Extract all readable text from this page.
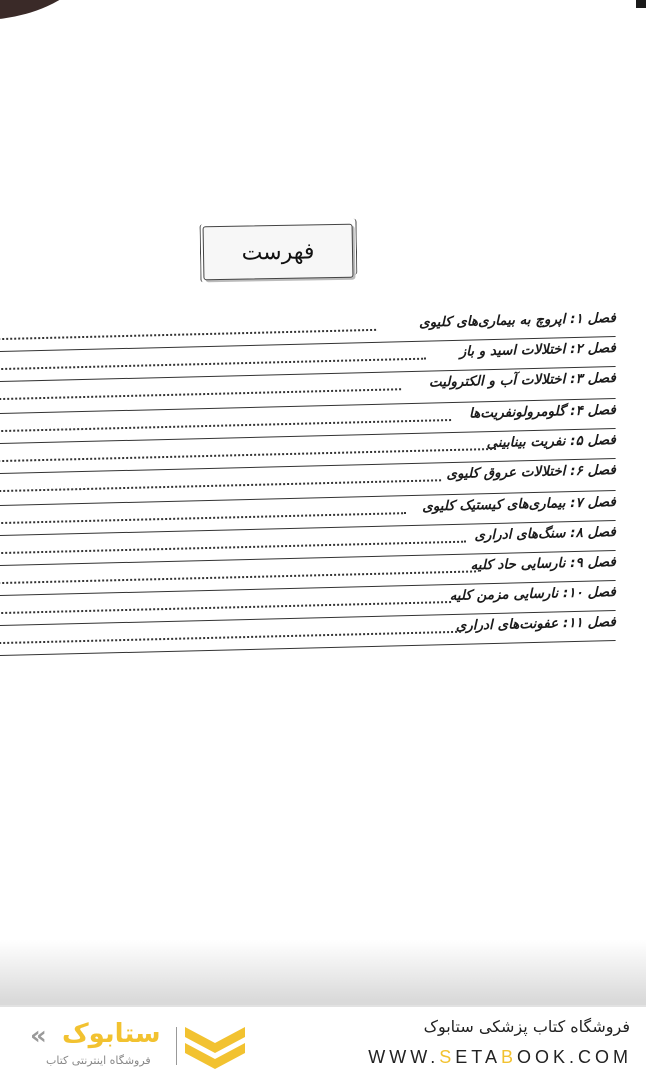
فهرست
فصل ۱: اپروچ به بیماری‌های کلیوی
فصل ۲: اختلالات اسید و باز
فصل ۳: اختلالات آب و الکترولیت
فصل ۴: گلومرولونفریت‌ها
فصل ۵: نفریت بینابینی
فصل ۶: اختلالات عروق کلیوی
فصل ۷: بیماری‌های کیستیک کلیوی
فصل ۸: سنگ‌های ادراری
فصل ۹: نارسایی حاد کلیه
فصل ۱۰: نارسایی مزمن کلیه
فصل ۱۱: عفونت‌های ادراری
فروشگاه کتاب پزشکی ستابوک
WWW.SETABOOK.COM
« ستابوک
فروشگاه اینترنتی کتاب
